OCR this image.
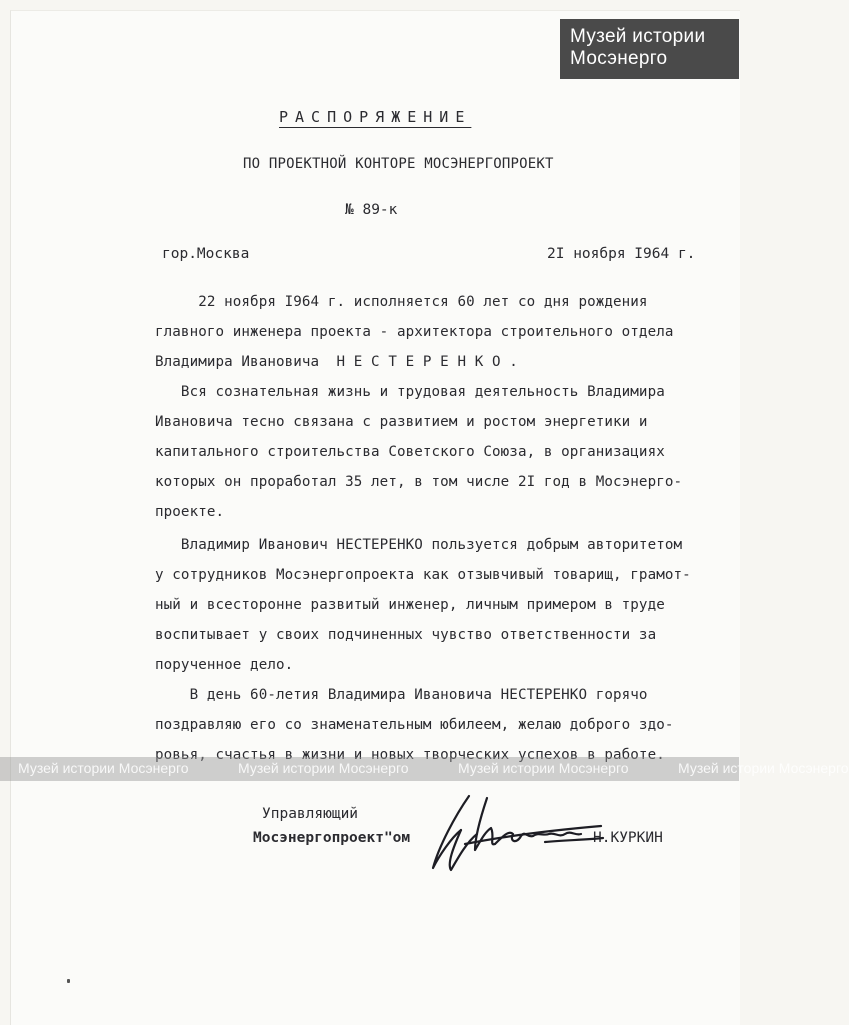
Музей истории
Мосэнерго
РАСПОРЯЖЕНИЕ
ПО ПРОЕКТНОЙ КОНТОРЕ МОСЭНЕРГОПРОЕКТ
№ 89-к
гор.Москва	2I ноября I964 г.
22 ноября I964 г. исполняется 60 лет со дня рождения
главного инженера проекта - архитектора строительного отдела
Владимира Ивановича  Н Е С Т Е Р Е Н К О .
Вся сознательная жизнь и трудовая деятельность Владимира
Ивановича тесно связана с развитием и ростом энергетики и
капитального строительства Советского Союза, в организациях
которых он проработал 35 лет, в том числе 2I год в Мосэнерго-
проекте.
Владимир Иванович НЕСТЕРЕНКО пользуется добрым авторитетом
у сотрудников Мосэнергопроекта как отзывчивый товарищ, грамот-
ный и всесторонне развитый инженер, личным примером в труде
воспитывает у своих подчиненных чувство ответственности за
порученное дело.
В день 60-летия Владимира Ивановича НЕСТЕРЕНКО горячо
поздравляю его со знаменательным юбилеем, желаю доброго здо-
ровья, счастья в жизни и новых творческих успехов в работе.
Музей истории Мосэнерго	Музей истории Мосэнерго	Музей истории Мосэнерго	Музей истории Мосэнерго
Управляющий
Мосэнергопроект"ом	Н.КУРКИН
